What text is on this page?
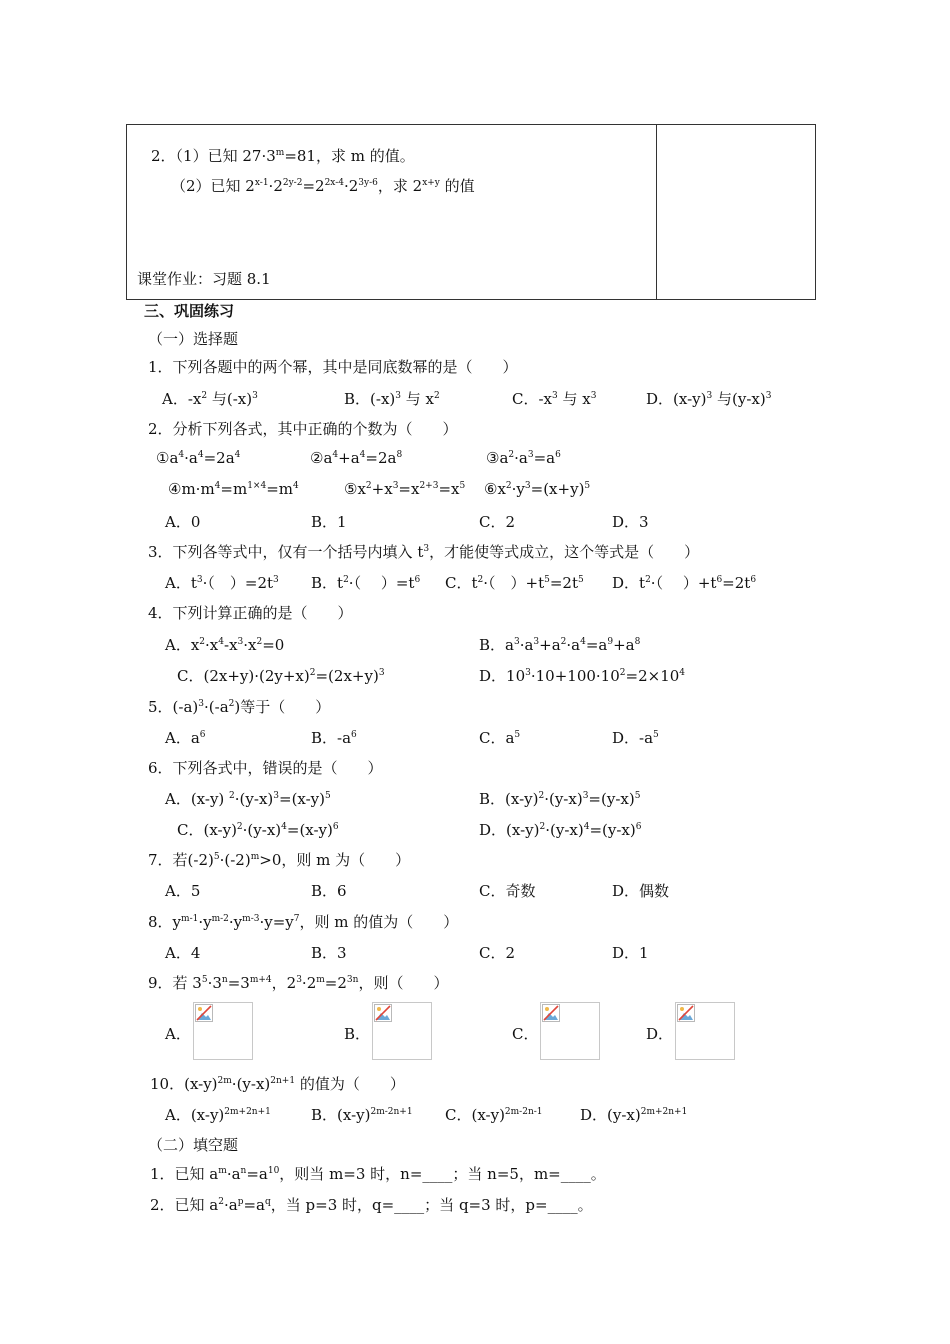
2．（1）已知 $27\cdot 3^m=81$，求 m 的值。
（2）已知 $2^{x-1}\cdot 2^{2y-2}=2^{2x-4}\cdot 2^{3y-6}$，求 $2^{x+y}$ 的值
课堂作业：习题 8.1
三、巩固练习
（一）选择题
（二）填空题
1．下列各题中的两个幂，其中是同底数幂的是（　　）
A．$-x^2$ 与$(-x)^3$	B．$(-x)^3$ 与 $x^2$	C．$-x^3$ 与 $x^3$	D．$(x-y)^3$ 与$(y-x)^3$
2．分析下列各式，其中正确的个数为（　　）
$①a^4\cdot a^4=2a^4$	$②a^4+a^4=2a^8$	$③a^2\cdot a^3=a^6$
$④m\cdot m^4=m^{1\times 4}=m^4$	$⑤x^2+x^3=x^{2+3}=x^5$ $⑥x^2\cdot y^3=(x+y)^5$
A．0	B．1	C．2	D．3
3．下列各等式中，仅有一个括号内填入 $t^3$，才能使等式成立，这个等式是（　　）
A．$t^3\cdot$（　）$=2t^3$ B．$t^2\cdot$（　 ）$=t^6$ C．$t^2\cdot$（　）$+t^5=2t^5$ D．$t^2\cdot$（　 ）$+t^6=2t^6$
4．下列计算正确的是（　　）
A．$x^2\cdot x^4-x^3\cdot x^2=0$	B．$a^3\cdot a^3+a^2\cdot a^4=a^9+a^8$
C．$(2x+y)\cdot(2y+x)^2=(2x+y)^3$	D．$10^3\cdot 10+100\cdot 10^2=2\times 10^4$
5．$(-a)^3\cdot(-a^2)$等于（　　）
A．$a^6$	B．$-a^6$	C．$a^5$	D．$-a^5$
6．下列各式中，错误的是（　　）
A．(x-y) $^2\cdot(y-x)^3=(x-y)^5$	B．$(x-y)^2\cdot(y-x)^3=(y-x)^5$
C．$(x-y)^2\cdot(y-x)^4=(x-y)^6$	D．$(x-y)^2\cdot(y-x)^4=(y-x)^6$
7．若$(-2)^5\cdot(-2)^m>0$，则 m 为（　　）
A．5	B．6	C．奇数	D．偶数
8．$y^{m-1}\cdot y^{m-2}\cdot y^{m-3}\cdot y=y^7$，则 m 的值为（　　）
A．4	B．3	C．2	D．1
9．若 $3^5\cdot 3^n=3^{m+4}$，$2^3\cdot 2^m=2^{3n}$，则（　　）
A．	B．	C．	D．
10．$(x-y)^{2m}\cdot(y-x)^{2n+1}$ 的值为（　　）
A．$(x-y)^{2m+2n+1}$	B．$(x-y)^{2m-2n+1}$ C．$(x-y)^{2m-2n-1}$ D．$(y-x)^{2m+2n+1}$
1．已知 $a^m\cdot a^n=a^{10}$，则当 m=3 时，n=____；当 n=5，m=____。
2．已知 $a^2\cdot a^p=a^q$，当 p=3 时，q=____；当 q=3 时，p=____。
